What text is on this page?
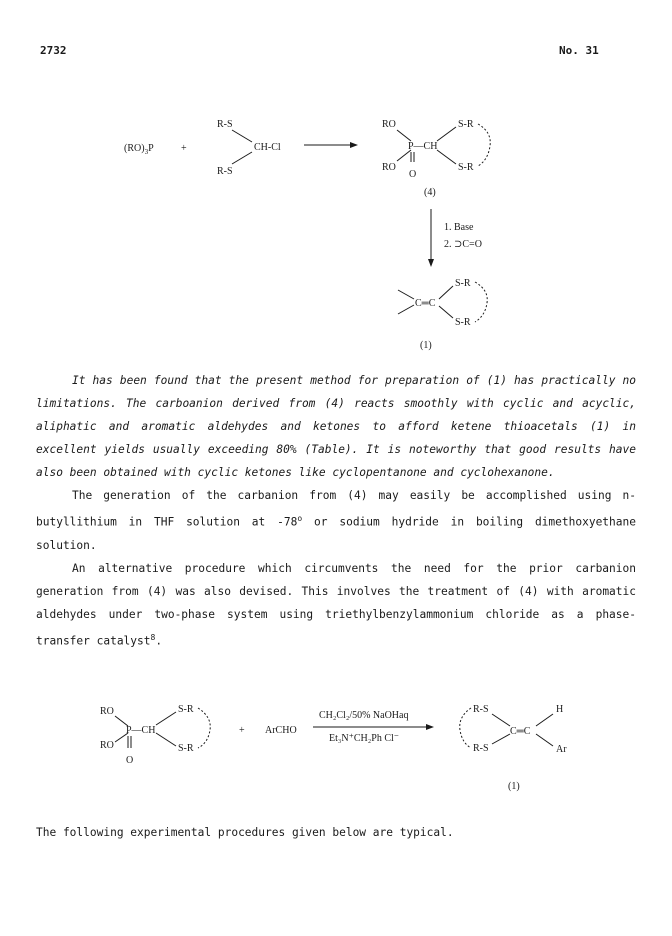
2732	No. 31
$(RO)_3P$	+
R-S
R-S
CH-Cl
RO
RO
P—CH
O
S-R
S-R
(4)
1. Base
2. ⊃C=O
C═C
S-R
S-R
(1)

It has been found that the present method for preparation of (1) has practically no limitations. The carboanion derived from (4) reacts smoothly with cyclic and acyclic, aliphatic and aromatic aldehydes and ketones to afford ketene thioacetals (1) in excellent yields usually exceeding 80% (Table). It is noteworthy that good results have also been obtained with cyclic ketones like cyclopentanone and cyclohexanone.

The generation of the carbanion from (4) may easily be accomplished using n-butyllithium in THF solution at -78$^o$ or sodium hydride in boiling dimethoxyethane solution.

An alternative procedure which circumvents the need for the prior carbanion generation from (4) was also devised. This involves the treatment of (4) with aromatic aldehydes under two-phase system using triethylbenzylammonium chloride as a phase-transfer catalyst$^8$.

RO
RO
P—CH
O
S-R
S-R
+ ArCHO
CH₂Cl₂/50% NaOHaq
Et₃N⁺CH₂Ph Cl⁻
R-S
R-S
C═C
H
Ar
(1)

The following experimental procedures given below are typical.
